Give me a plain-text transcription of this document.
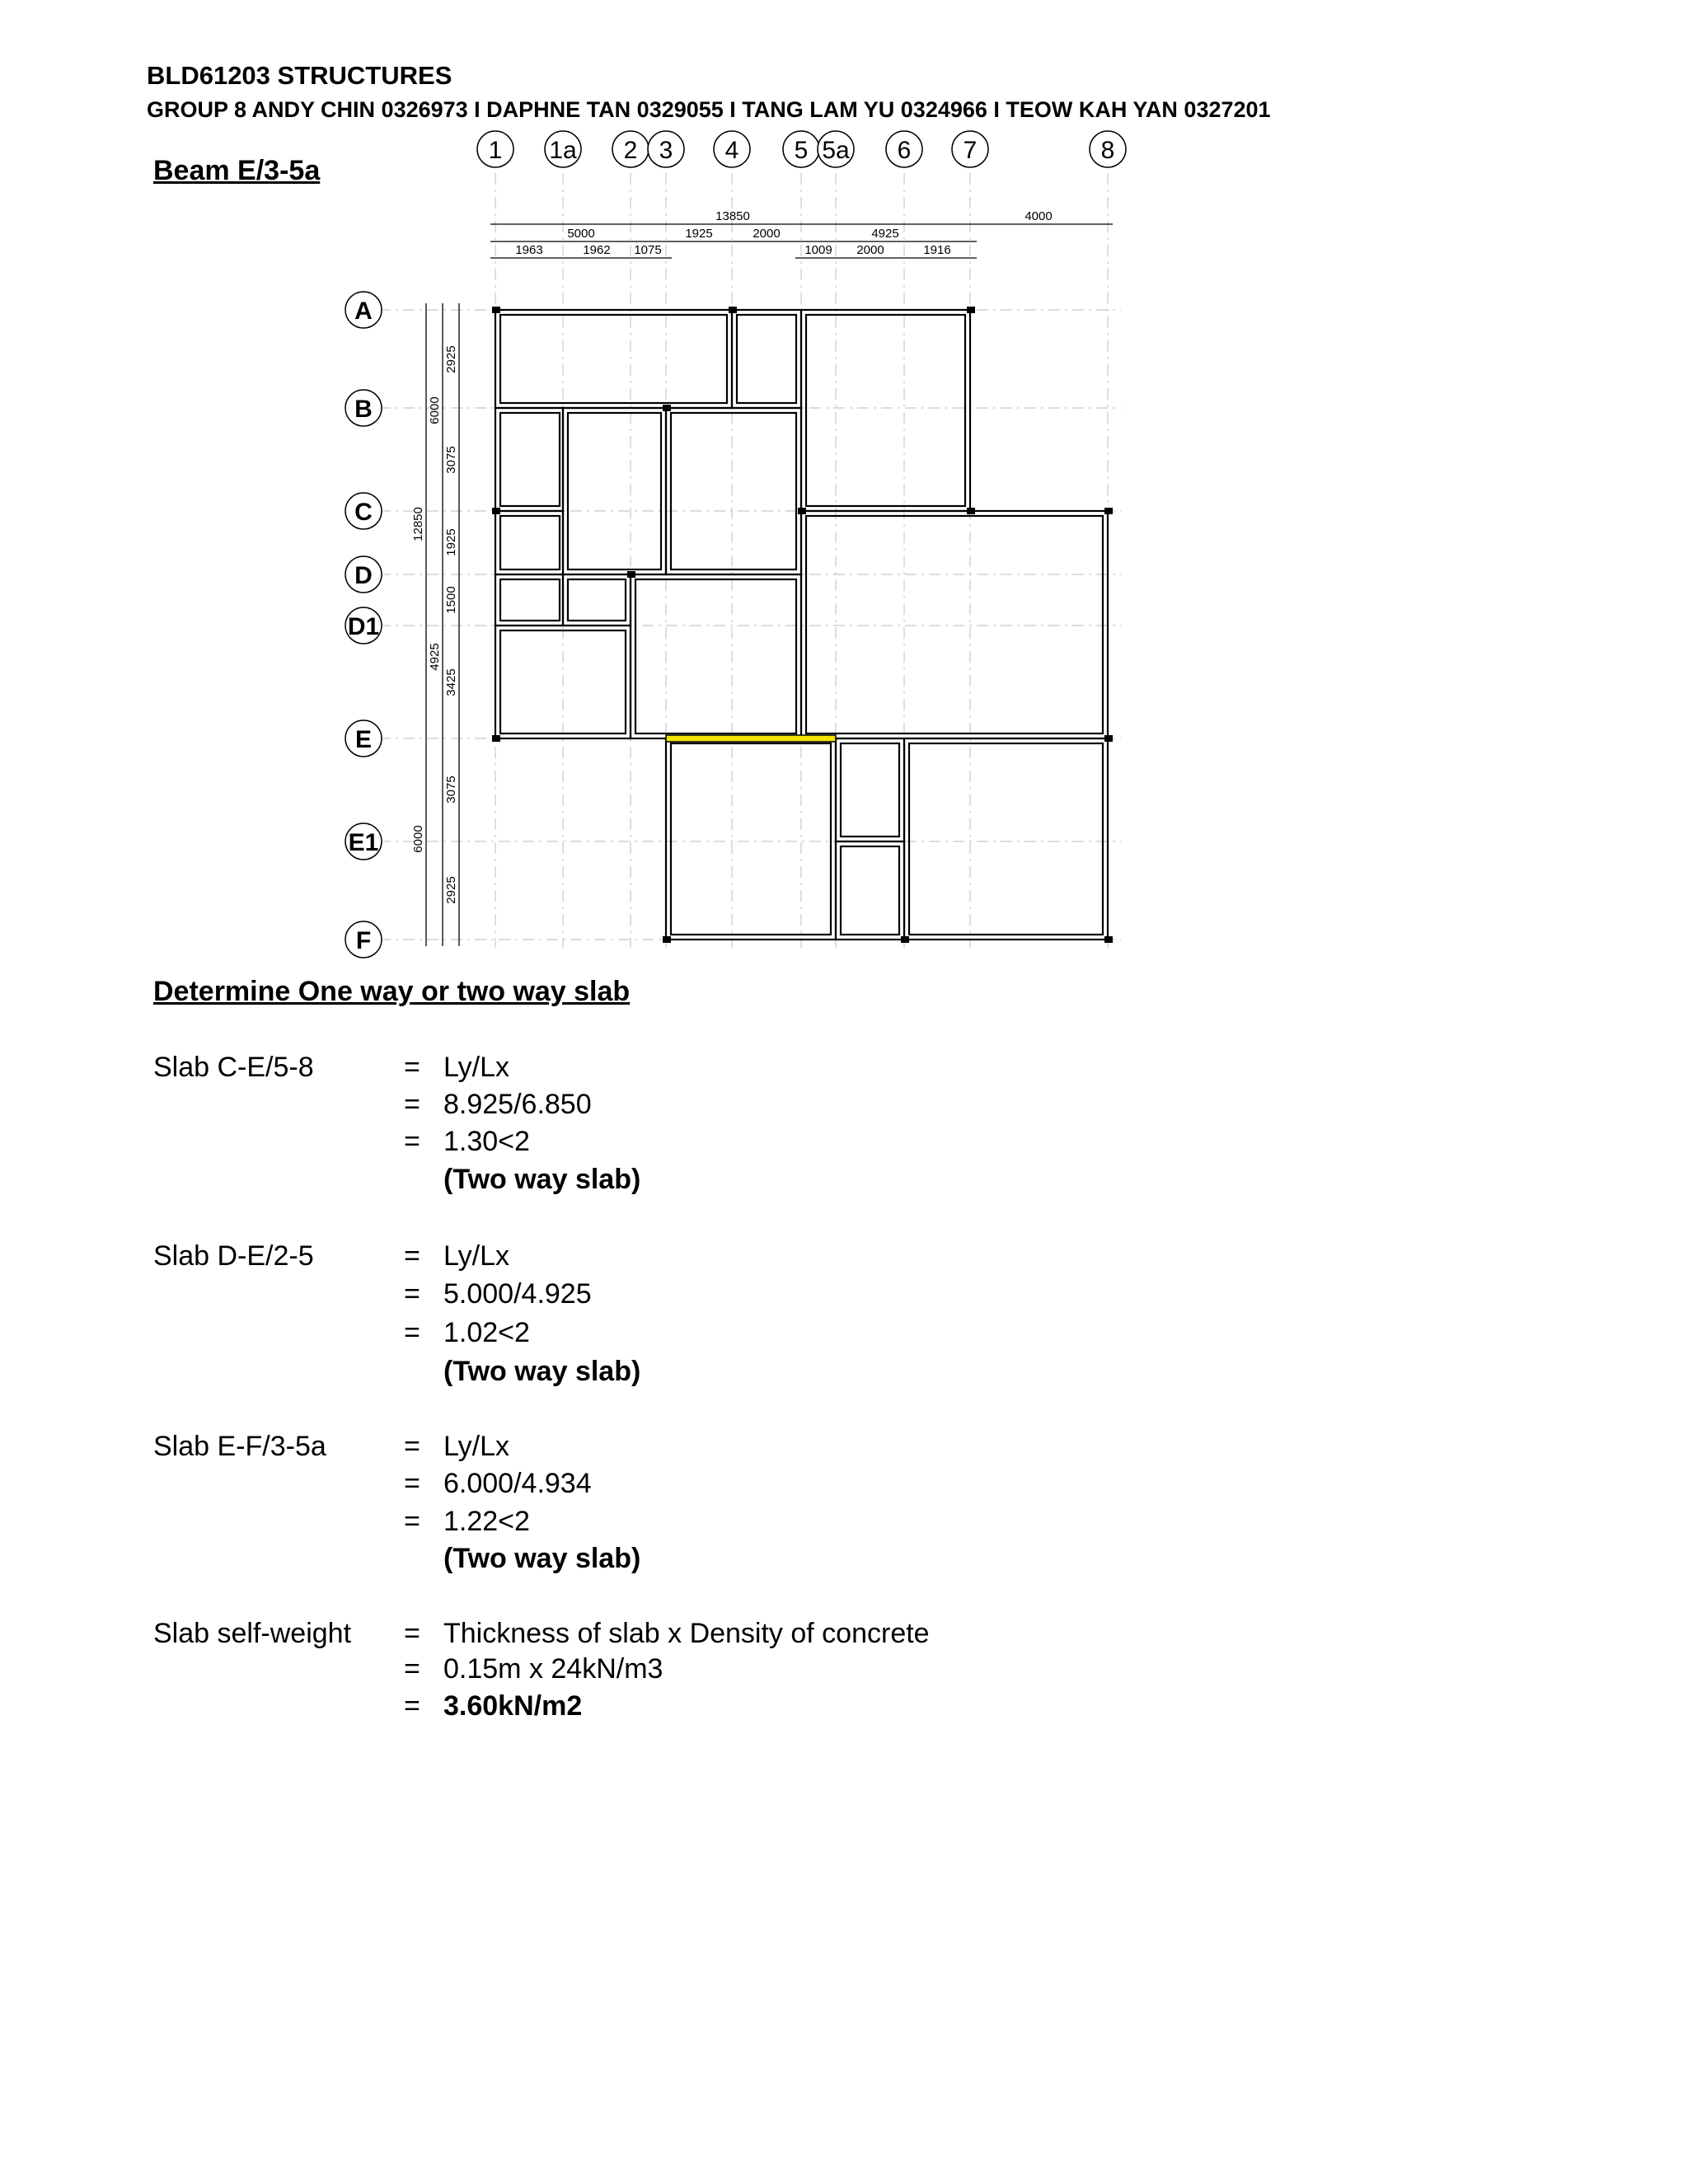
BLD61203 STRUCTURES
GROUP 8 ANDY CHIN 0326973 I DAPHNE TAN 0329055 I TANG LAM YU 0324966 I TEOW KAH YAN 0327201
Beam E/3-5a
13850	4000
5000	1925	2000	4925
1963	1962 1075	1009 2000	1916
12850
6000
6000
4925
2925
3075
1925
1500
3425
3075
2925
1 1a 2 3 4 5 5a 6 7	8
A
B
C
D
D1
E
E1
F
Determine One way or two way slab
Slab C-E/5-8	= Ly/Lx
= 8.925/6.850
= 1.30<2
(Two way slab)
Slab D-E/2-5	= Ly/Lx
= 5.000/4.925
= 1.02<2
(Two way slab)
Slab E-F/3-5a	= Ly/Lx
= 6.000/4.934
= 1.22<2
(Two way slab)
Slab self-weight = Thickness of slab x Density of concrete
= 0.15m x 24kN/m3
= 3.60kN/m2
